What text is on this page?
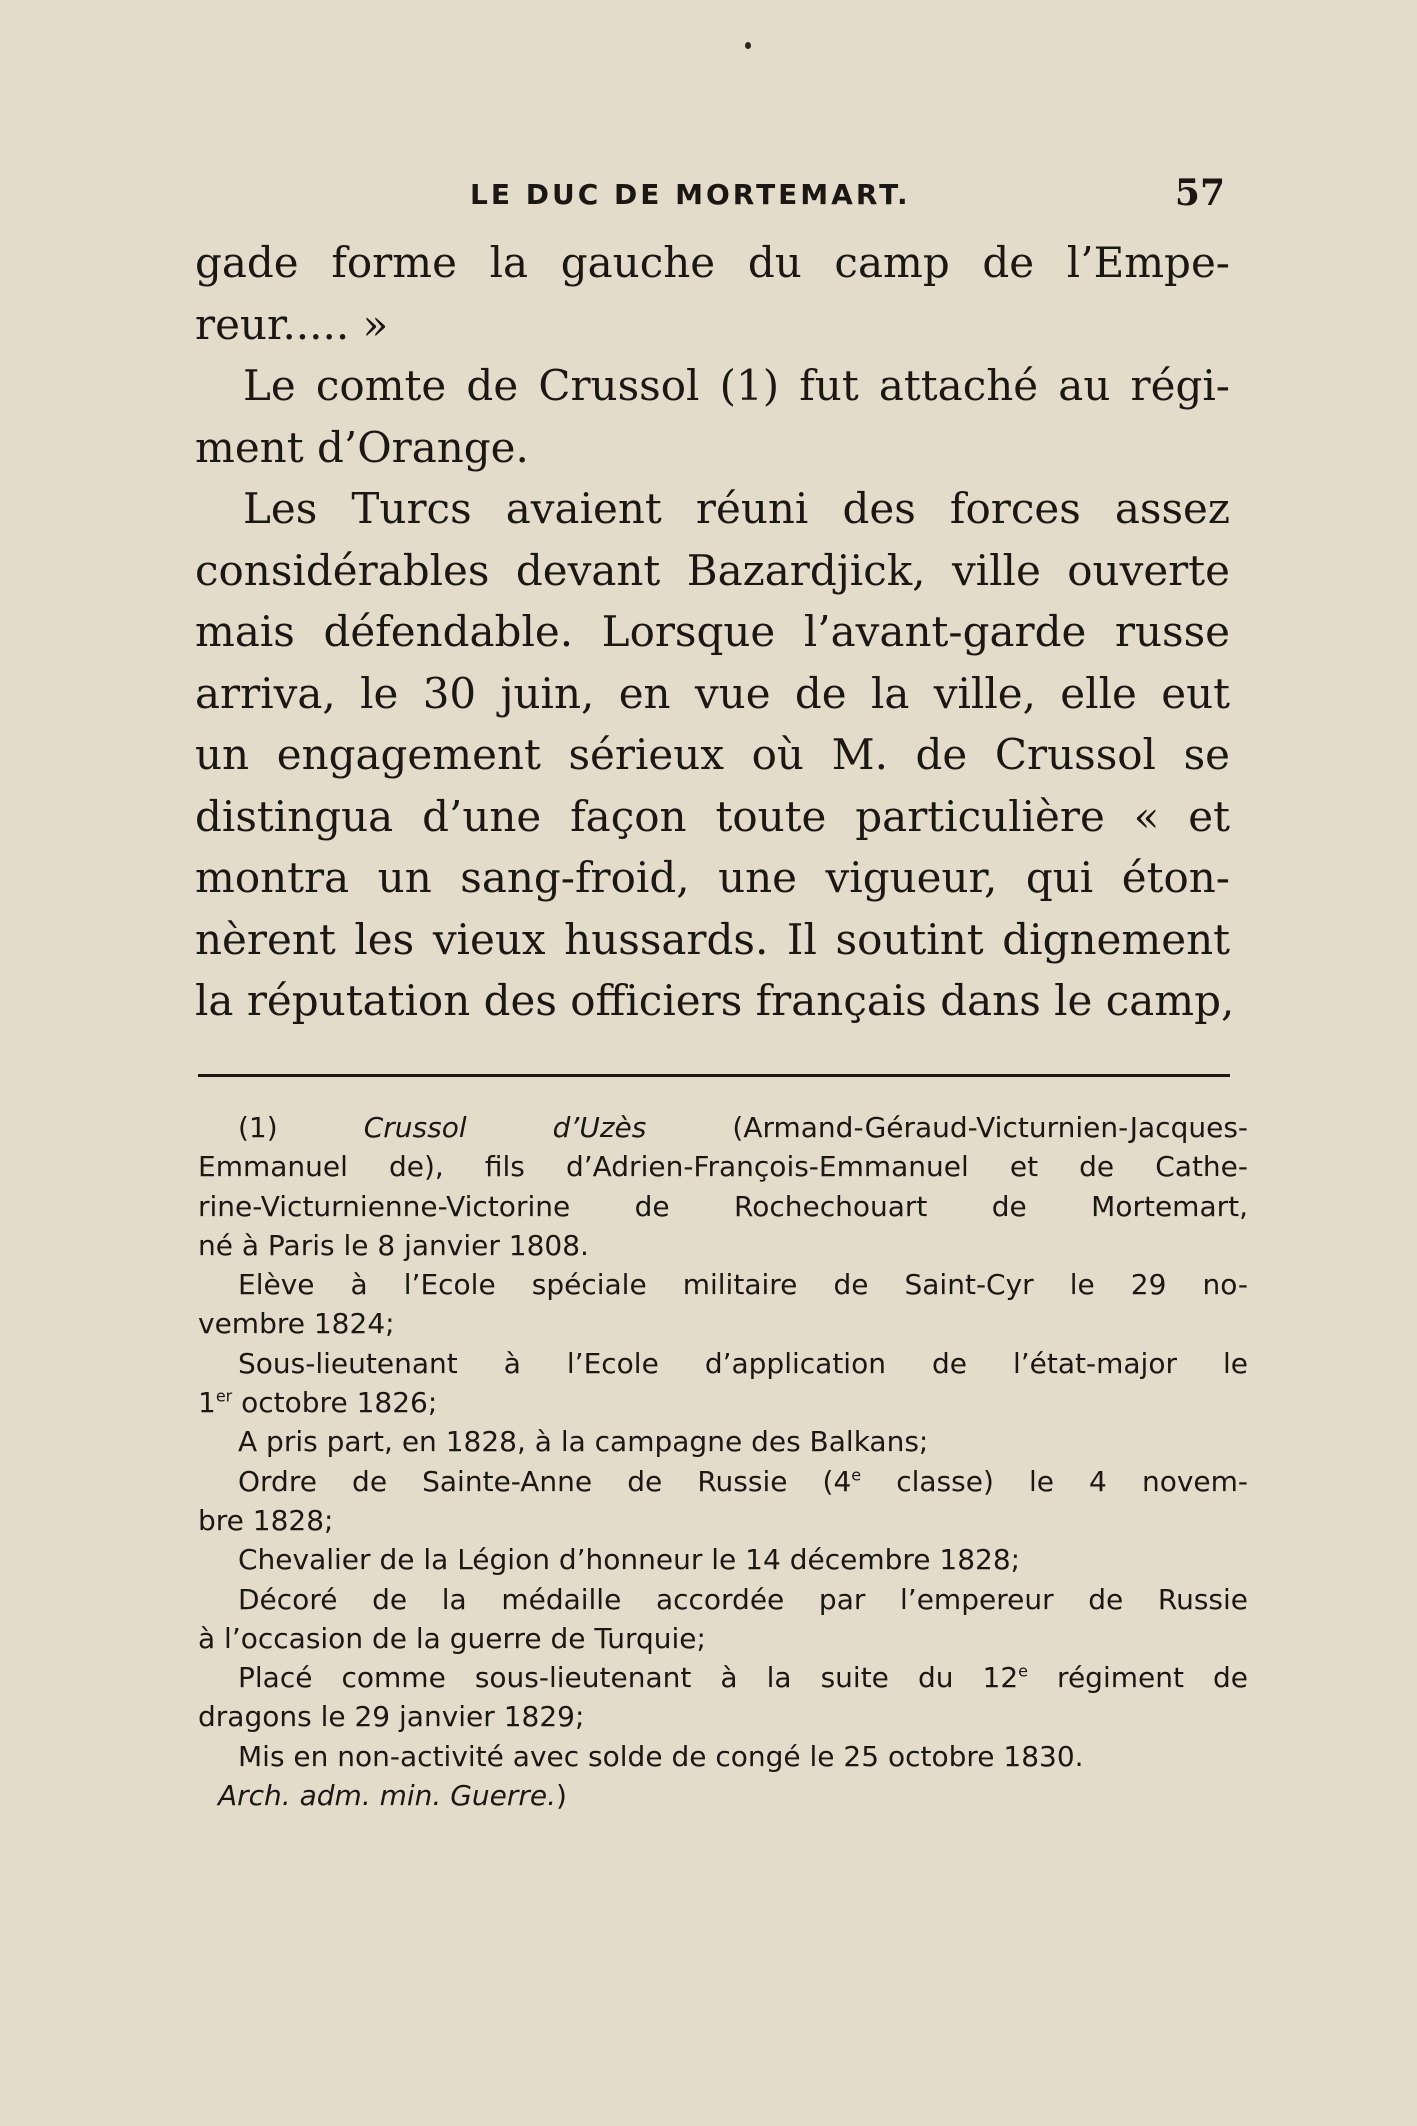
LE DUC DE MORTEMART.	57
gade forme la gauche du camp de l’Empe-
reur..... »
Le comte de Crussol (1) fut attaché au régi-
ment d’Orange.
Les Turcs avaient réuni des forces assez
considérables devant Bazardjick, ville ouverte
mais défendable. Lorsque l’avant-garde russe
arriva, le 30 juin, en vue de la ville, elle eut
un engagement sérieux où M. de Crussol se
distingua d’une façon toute particulière « et
montra un sang-froid, une vigueur, qui éton-
nèrent les vieux hussards. Il soutint dignement
la réputation des officiers français dans le camp,
(1)	Crussol d’Uzès	(Armand-Géraud-Victurnien-Jacques-
Emmanuel de), fils d’Adrien-François-Emmanuel et de Cathe-
rine-Victurnienne-Victorine de Rochechouart de Mortemart,
né à Paris le 8 janvier 1808.
Elève à l’Ecole spéciale militaire de Saint-Cyr le 29 no-
vembre 1824;
Sous-lieutenant à l’Ecole d’application de l’état-major le
1er octobre 1826;
A pris part, en 1828, à la campagne des Balkans;
Ordre de Sainte-Anne de Russie (4e classe) le 4 novem-
bre 1828;
Chevalier de la Légion d’honneur le 14 décembre 1828;
Décoré de la médaille accordée par l’empereur de Russie
à l’occasion de la guerre de Turquie;
Placé comme sous-lieutenant à la suite du 12e régiment de
dragons le 29 janvier 1829;
Mis en non-activité avec solde de congé le 25 octobre 1830.
Arch. adm. min. Guerre.)
